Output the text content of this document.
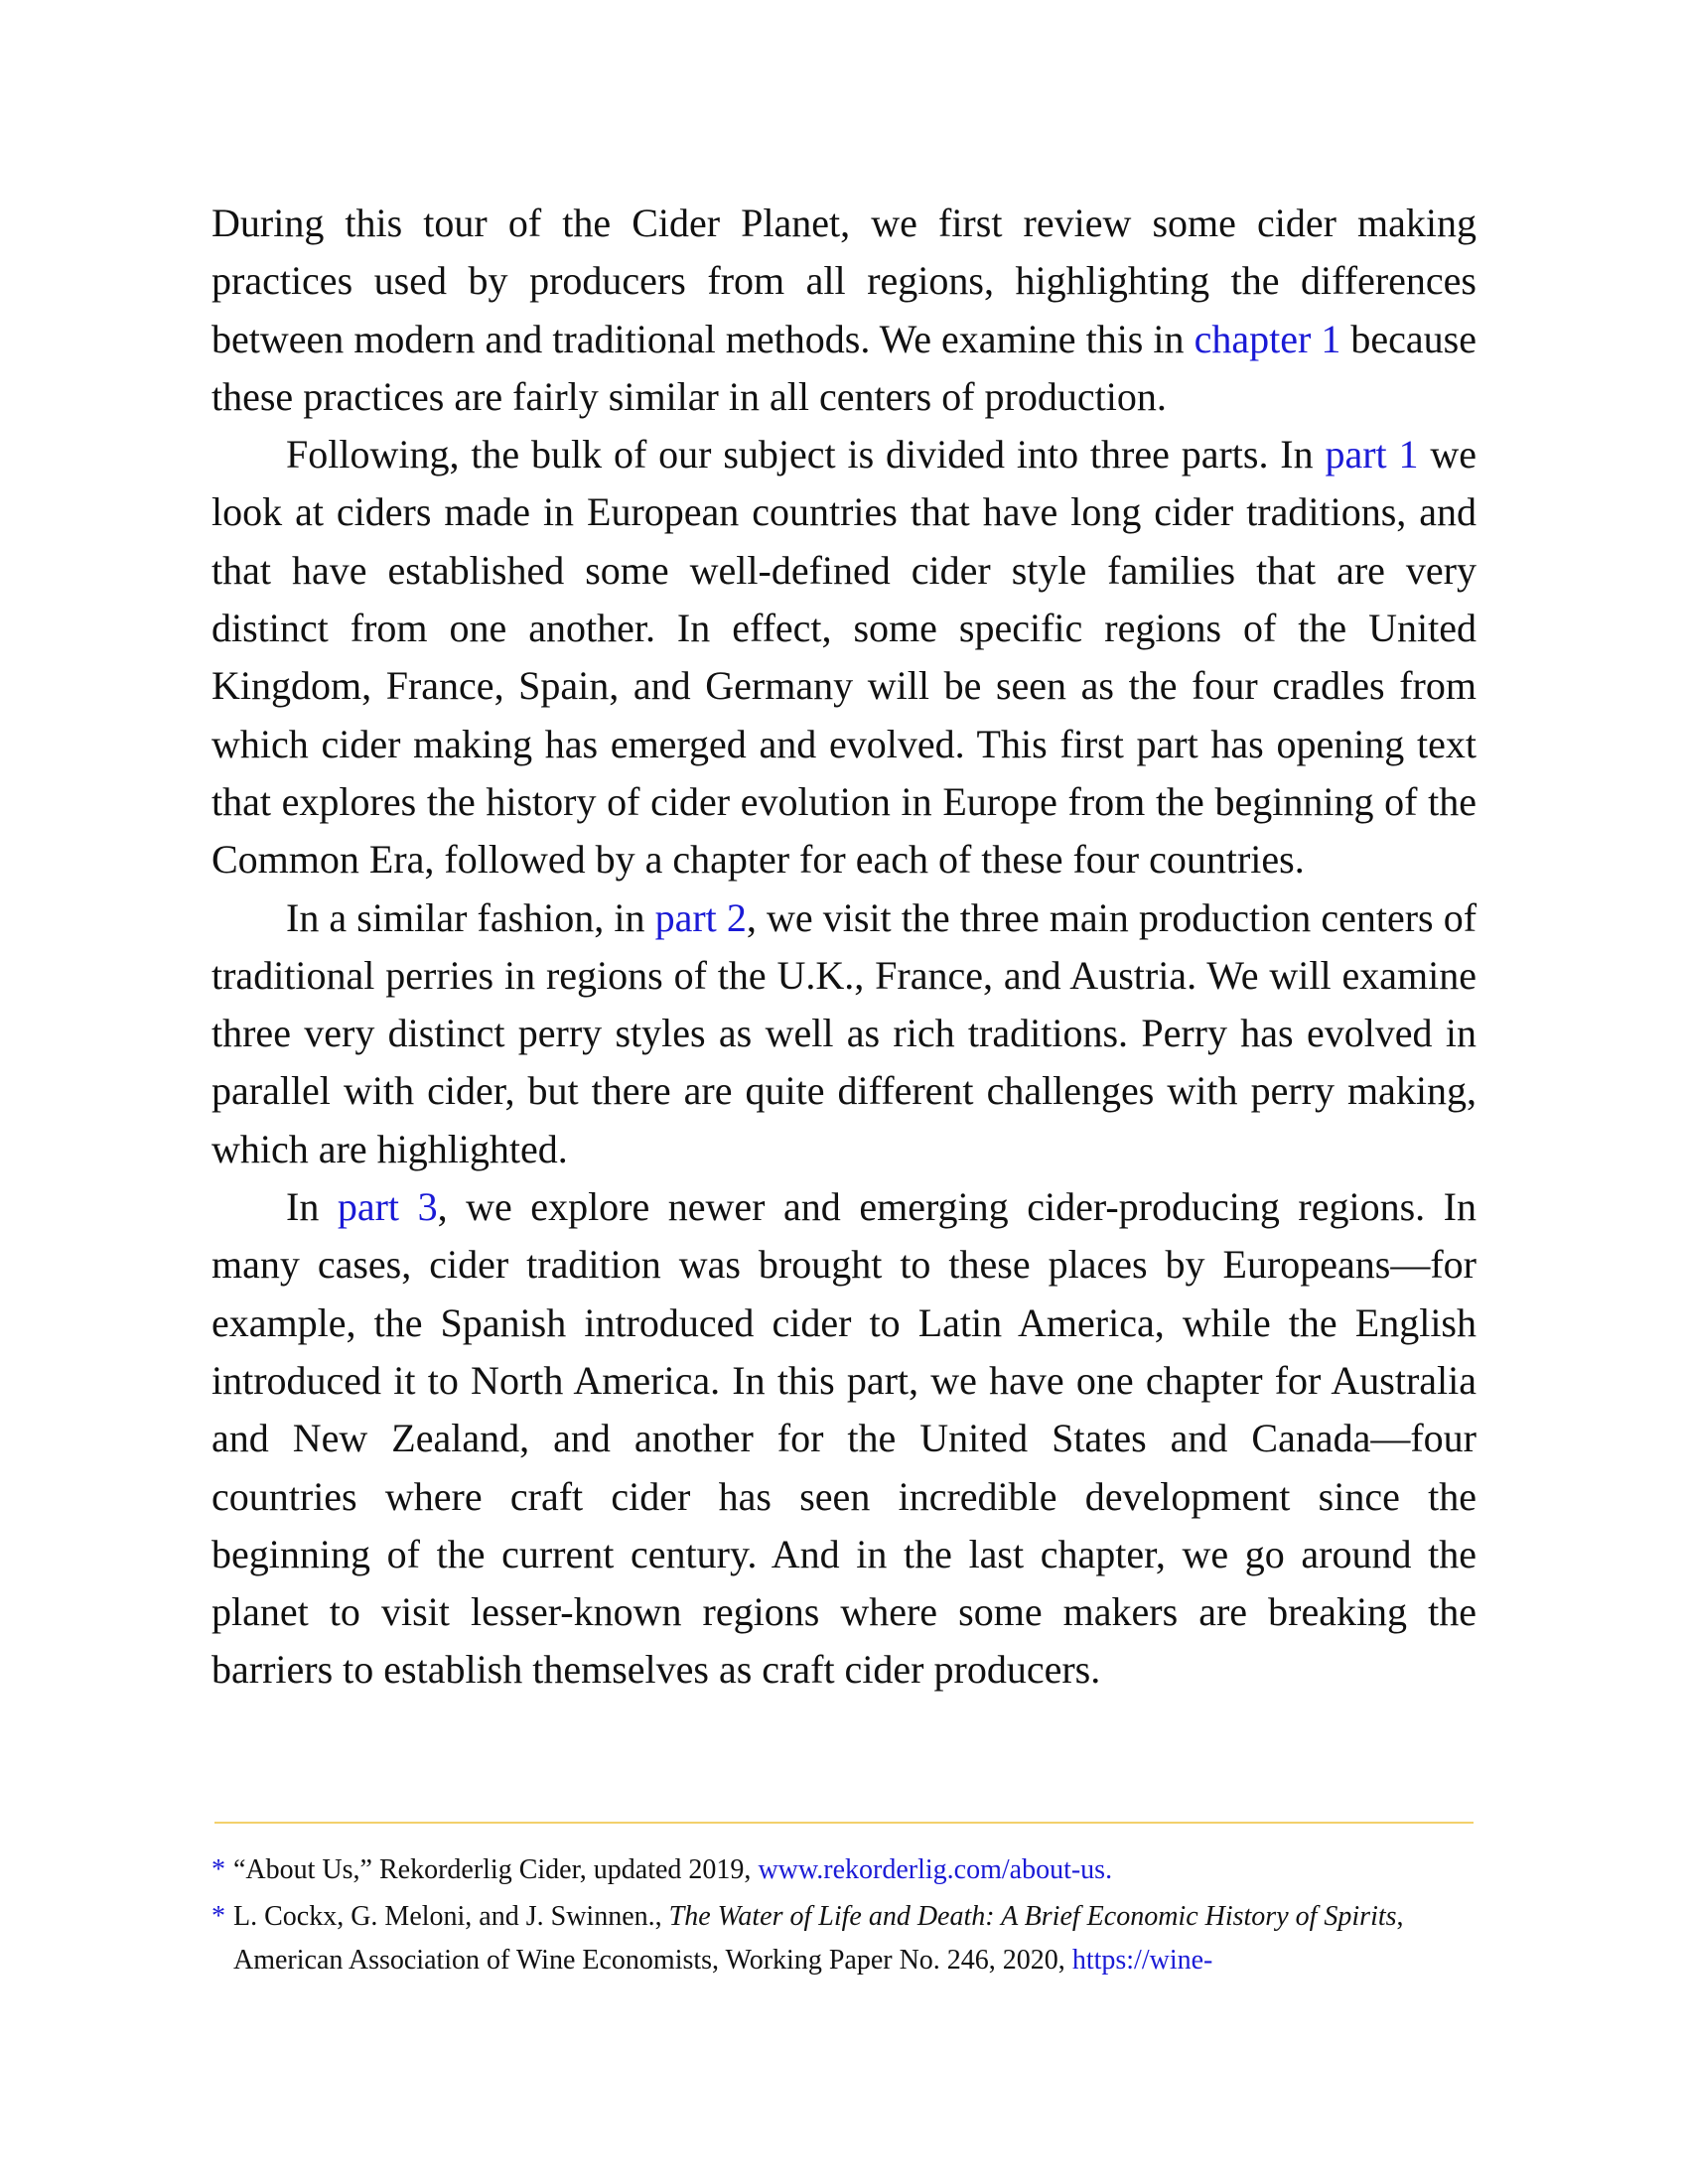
During this tour of the Cider Planet, we first review some cider making practices used by producers from all regions, highlighting the differences between modern and traditional methods. We examine this in chapter 1 because these practices are fairly similar in all centers of production.

Following, the bulk of our subject is divided into three parts. In part 1 we look at ciders made in European countries that have long cider traditions, and that have established some well-defined cider style families that are very distinct from one another. In effect, some specific regions of the United Kingdom, France, Spain, and Germany will be seen as the four cradles from which cider making has emerged and evolved. This first part has opening text that explores the history of cider evolution in Europe from the beginning of the Common Era, followed by a chapter for each of these four countries.

In a similar fashion, in part 2, we visit the three main production centers of traditional perries in regions of the U.K., France, and Austria. We will examine three very distinct perry styles as well as rich traditions. Perry has evolved in parallel with cider, but there are quite different challenges with perry making, which are highlighted.

In part 3, we explore newer and emerging cider-producing regions. In many cases, cider tradition was brought to these places by Europeans—for example, the Spanish introduced cider to Latin America, while the English introduced it to North America. In this part, we have one chapter for Australia and New Zealand, and another for the United States and Canada—four countries where craft cider has seen incredible development since the beginning of the current century. And in the last chapter, we go around the planet to visit lesser-known regions where some makers are breaking the barriers to establish themselves as craft cider producers.

* “About Us,” Rekorderlig Cider, updated 2019, www.rekorderlig.com/about-us.

* L. Cockx, G. Meloni, and J. Swinnen., The Water of Life and Death: A Brief Economic History of Spirits, American Association of Wine Economists, Working Paper No. 246, 2020, https://wine-
